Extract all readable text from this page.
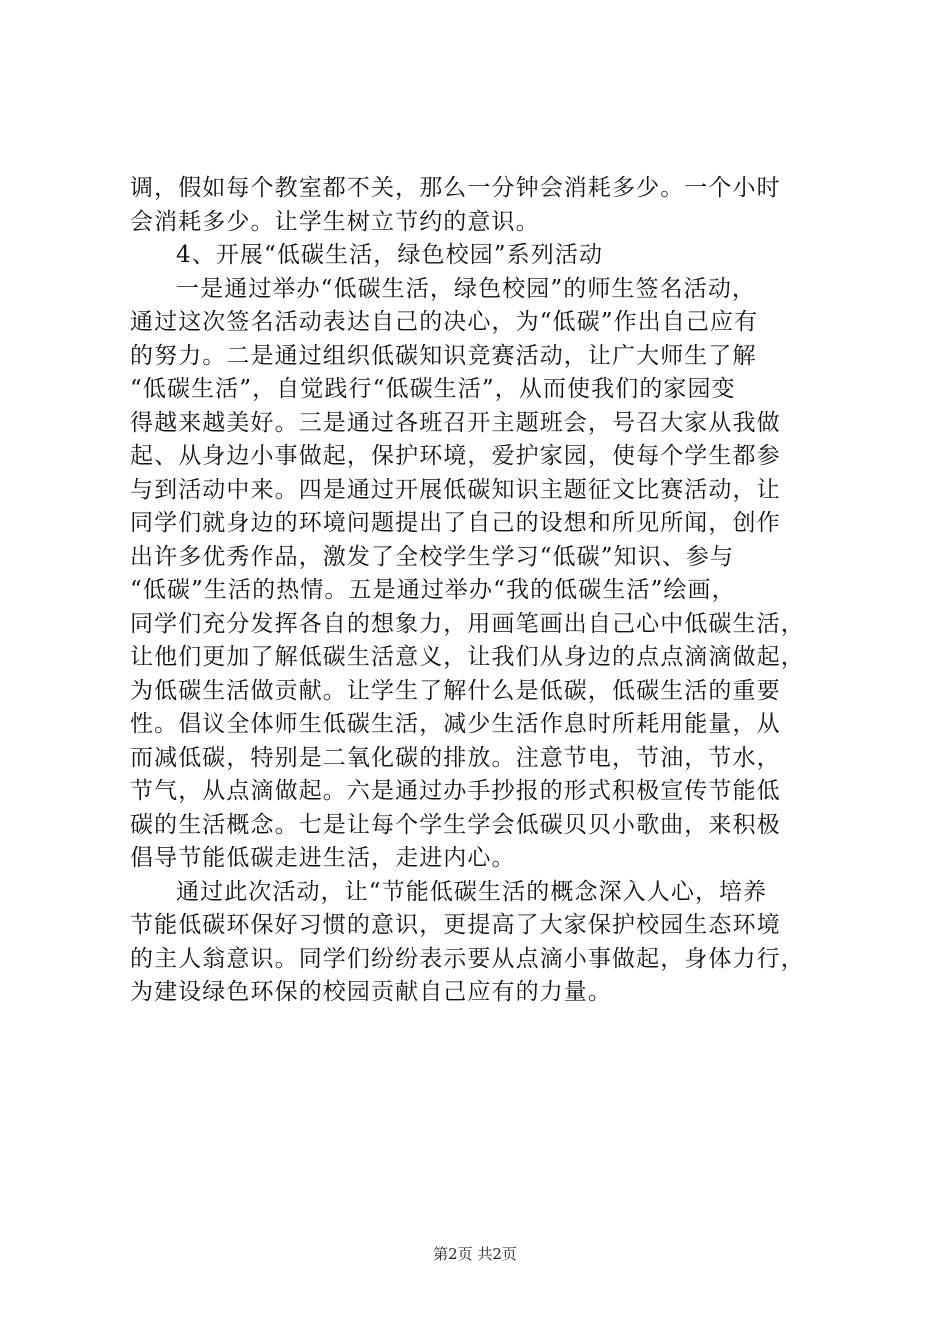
调，假如每个教室都不关，那么一分钟会消耗多少。一个小时
会消耗多少。让学生树立节约的意识。
4、开展“低碳生活，绿色校园”系列活动
一是通过举办“低碳生活，绿色校园”的师生签名活动，
通过这次签名活动表达自己的决心，为“低碳”作出自己应有
的努力。二是通过组织低碳知识竞赛活动，让广大师生了解
“低碳生活”，自觉践行“低碳生活”，从而使我们的家园变
得越来越美好。三是通过各班召开主题班会，号召大家从我做
起、从身边小事做起，保护环境，爱护家园，使每个学生都参
与到活动中来。四是通过开展低碳知识主题征文比赛活动，让
同学们就身边的环境问题提出了自己的设想和所见所闻，创作
出许多优秀作品，激发了全校学生学习“低碳”知识、参与
“低碳”生活的热情。五是通过举办“我的低碳生活”绘画，
同学们充分发挥各自的想象力，用画笔画出自己心中低碳生活，
让他们更加了解低碳生活意义，让我们从身边的点点滴滴做起，
为低碳生活做贡献。让学生了解什么是低碳，低碳生活的重要
性。倡议全体师生低碳生活，减少生活作息时所耗用能量，从
而减低碳，特别是二氧化碳的排放。注意节电，节油，节水，
节气，从点滴做起。六是通过办手抄报的形式积极宣传节能低
碳的生活概念。七是让每个学生学会低碳贝贝小歌曲，来积极
倡导节能低碳走进生活，走进内心。
通过此次活动，让“节能低碳生活的概念深入人心，培养
节能低碳环保好习惯的意识，更提高了大家保护校园生态环境
的主人翁意识。同学们纷纷表示要从点滴小事做起，身体力行，
为建设绿色环保的校园贡献自己应有的力量。
第2页 共2页
